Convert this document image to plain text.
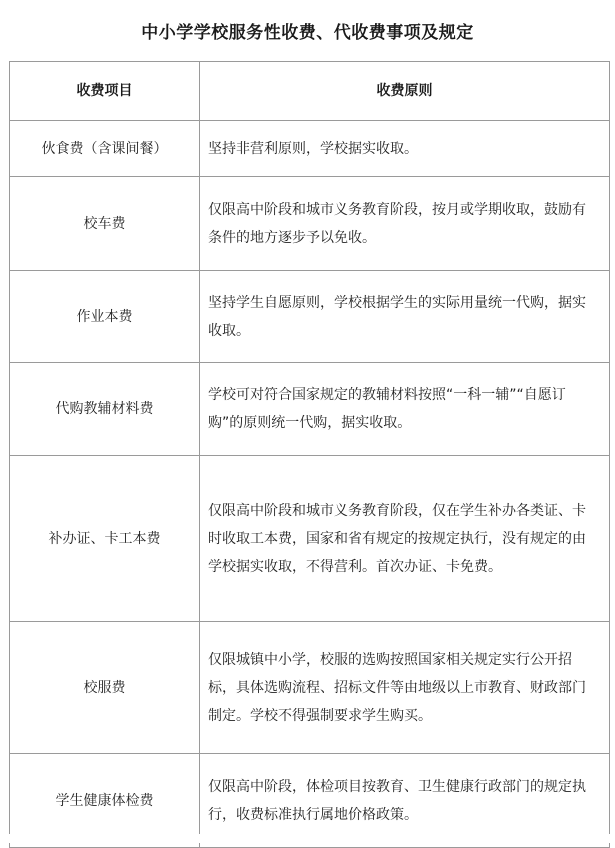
中小学学校服务性收费、代收费事项及规定
收费项目	收费原则
伙食费（含课间餐）	坚持非营利原则，学校据实收取。
校车费	仅限高中阶段和城市义务教育阶段，按月或学期收取，鼓励有条件的地方逐步予以免收。
作业本费	坚持学生自愿原则，学校根据学生的实际用量统一代购，据实收取。
代购教辅材料费	学校可对符合国家规定的教辅材料按照“一科一辅”“自愿订购”的原则统一代购，据实收取。
补办证、卡工本费	仅限高中阶段和城市义务教育阶段，仅在学生补办各类证、卡时收取工本费，国家和省有规定的按规定执行，没有规定的由学校据实收取，不得营利。首次办证、卡免费。
校服费	仅限城镇中小学，校服的选购按照国家相关规定实行公开招标，具体选购流程、招标文件等由地级以上市教育、财政部门制定。学校不得强制要求学生购买。
学生健康体检费	仅限高中阶段，体检项目按教育、卫生健康行政部门的规定执行，收费标准执行属地价格政策。
